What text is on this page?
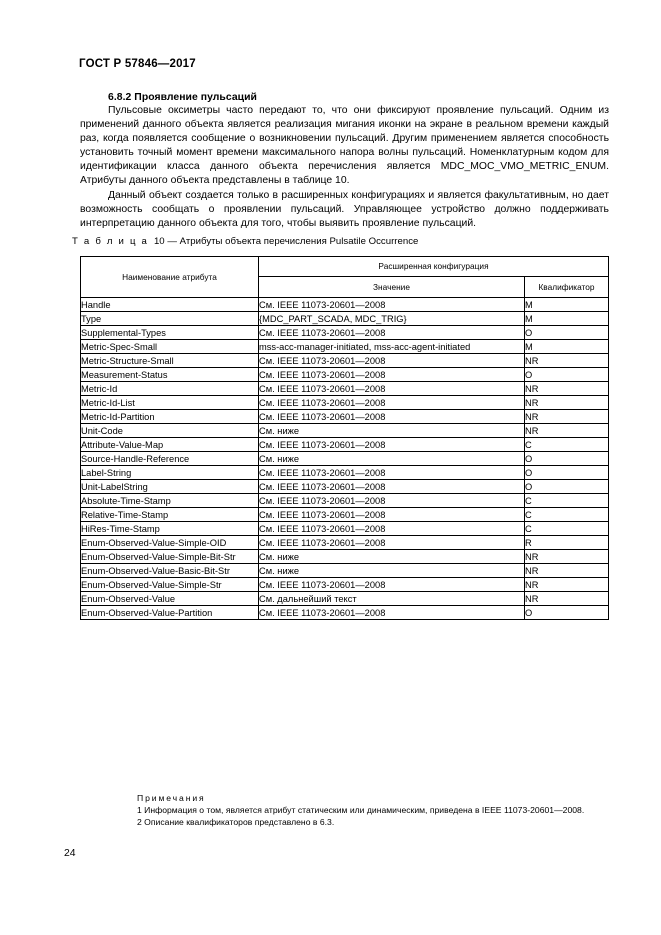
ГОСТ Р 57846—2017

6.8.2 Проявление пульсаций

Пульсовые оксиметры часто передают то, что они фиксируют проявление пульсаций. Одним из применений данного объекта является реализация мигания иконки на экране в реальном времени каждый раз, когда появляется сообщение о возникновении пульсаций. Другим применением является способность установить точный момент времени максимального напора волны пульсаций. Номенклатурным кодом для идентификации класса данного объекта перечисления является MDC_MOC_VMO_METRIC_ENUM. Атрибуты данного объекта представлены в таблице 10.

Данный объект создается только в расширенных конфигурациях и является факультативным, но дает возможность сообщать о проявлении пульсаций. Управляющее устройство должно поддерживать интерпретацию данного объекта для того, чтобы выявить проявление пульсаций.

Т а б л и ц а 10 — Атрибуты объекта перечисления Pulsatile Occurrence
Наименование атрибута	Расширенная конфигурация	
	Значение	Квалификатор
Handle	См. IEEE 11073-20601—2008	M
Type	{MDC_PART_SCADA, MDC_TRIG}	M
Supplemental-Types	См. IEEE 11073-20601—2008	O
Metric-Spec-Small	mss-acc-manager-initiated, mss-acc-agent-initiated	M
Metric-Structure-Small	См. IEEE 11073-20601—2008	NR
Measurement-Status	См. IEEE 11073-20601—2008	O
Metric-Id	См. IEEE 11073-20601—2008	NR
Metric-Id-List	См. IEEE 11073-20601—2008	NR
Metric-Id-Partition	См. IEEE 11073-20601—2008	NR
Unit-Code	См. ниже	NR
Attribute-Value-Map	См. IEEE 11073-20601—2008	C
Source-Handle-Reference	См. ниже	O
Label-String	См. IEEE 11073-20601—2008	O
Unit-LabelString	См. IEEE 11073-20601—2008	O
Absolute-Time-Stamp	См. IEEE 11073-20601—2008	C
Relative-Time-Stamp	См. IEEE 11073-20601—2008	C
HiRes-Time-Stamp	См. IEEE 11073-20601—2008	C
Enum-Observed-Value-Simple-OID	См. IEEE 11073-20601—2008	R
Enum-Observed-Value-Simple-Bit-Str	См. ниже	NR
Enum-Observed-Value-Basic-Bit-Str	См. ниже	NR
Enum-Observed-Value-Simple-Str	См. IEEE 11073-20601—2008	NR
Enum-Observed-Value	См. дальнейший текст	NR
Enum-Observed-Value-Partition	См. IEEE 11073-20601—2008	O

Примечания

1 Информация о том, является атрибут статическим или динамическим, приведена в IEEE 11073-20601—2008.

2 Описание квалификаторов представлено в 6.3.

24
